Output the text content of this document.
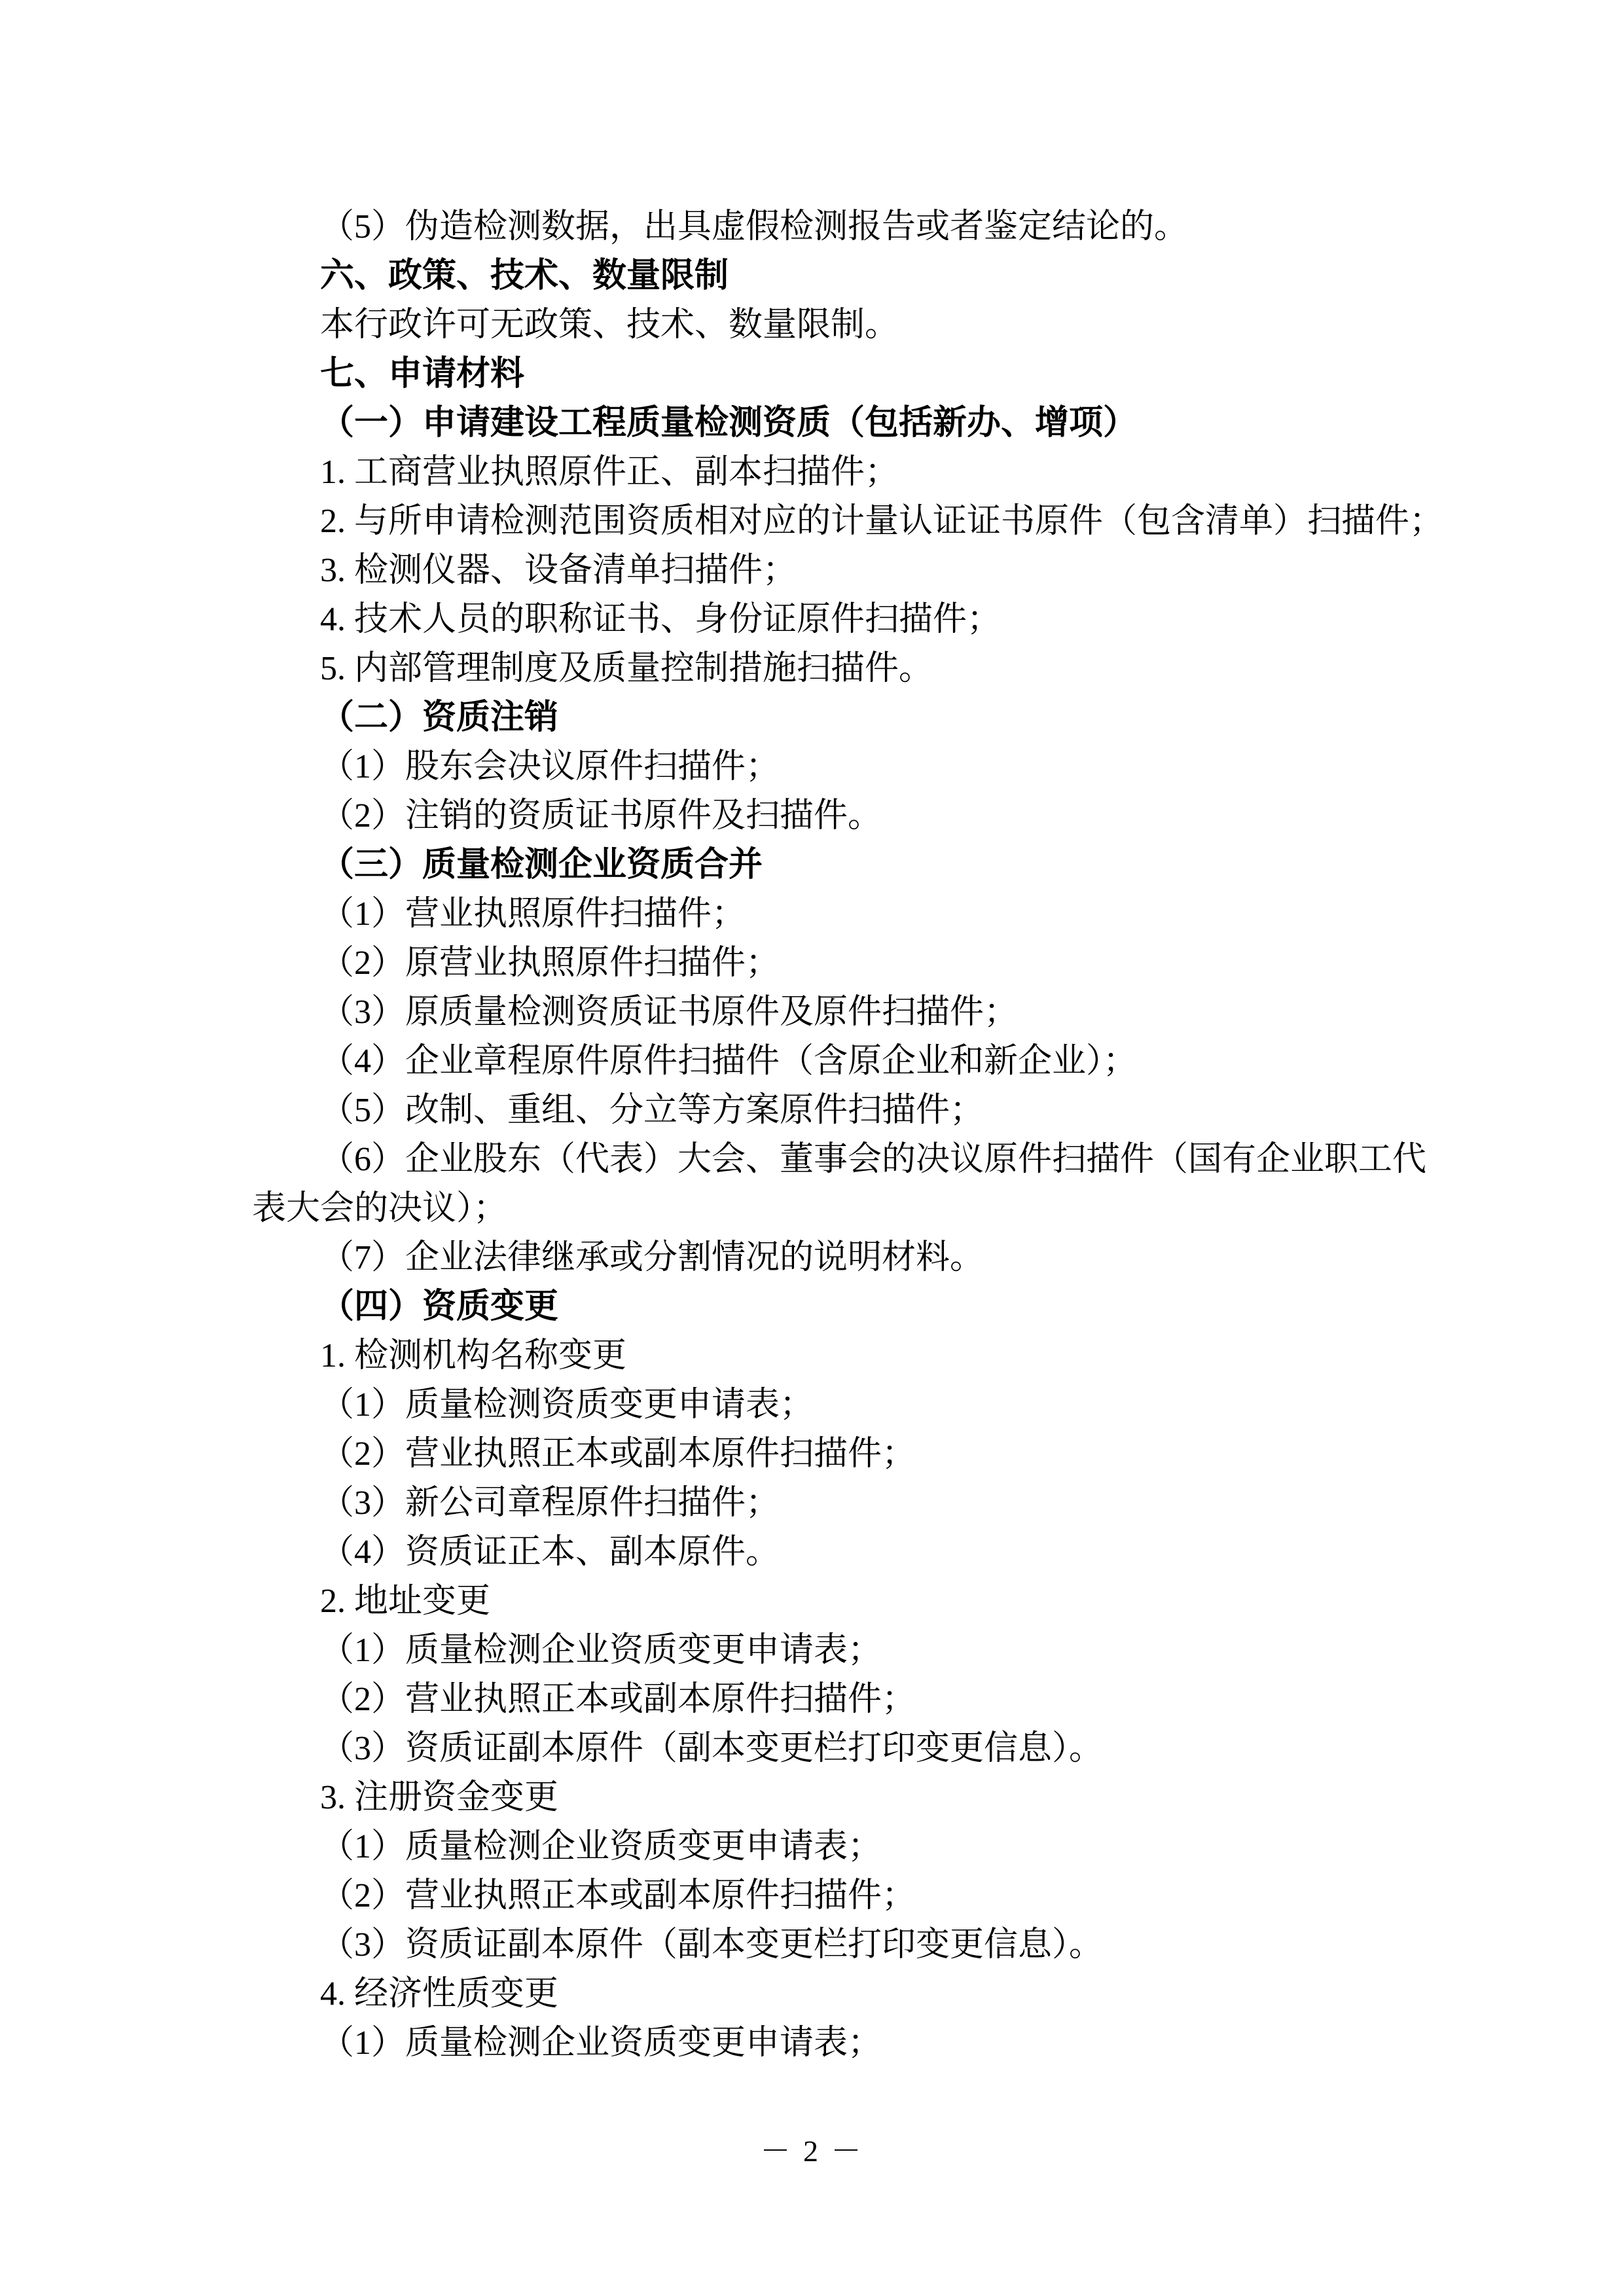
（5）伪造检测数据，出具虚假检测报告或者鉴定结论的。

六、政策、技术、数量限制

本行政许可无政策、技术、数量限制。

七、申请材料

（一）申请建设工程质量检测资质（包括新办、增项）

1. 工商营业执照原件正、副本扫描件；

2. 与所申请检测范围资质相对应的计量认证证书原件（包含清单）扫描件；

3. 检测仪器、设备清单扫描件；

4. 技术人员的职称证书、身份证原件扫描件；

5. 内部管理制度及质量控制措施扫描件。

（二）资质注销

（1）股东会决议原件扫描件；

（2）注销的资质证书原件及扫描件。

（三）质量检测企业资质合并

（1）营业执照原件扫描件；

（2）原营业执照原件扫描件；

（3）原质量检测资质证书原件及原件扫描件；

（4）企业章程原件原件扫描件（含原企业和新企业）；

（5）改制、重组、分立等方案原件扫描件；

（6）企业股东（代表）大会、董事会的决议原件扫描件（国有企业职工代

表大会的决议）；

（7）企业法律继承或分割情况的说明材料。

（四）资质变更

1. 检测机构名称变更

（1）质量检测资质变更申请表；

（2）营业执照正本或副本原件扫描件；

（3）新公司章程原件扫描件；

（4）资质证正本、副本原件。

2. 地址变更

（1）质量检测企业资质变更申请表；

（2）营业执照正本或副本原件扫描件；

（3）资质证副本原件（副本变更栏打印变更信息）。

3. 注册资金变更

（1）质量检测企业资质变更申请表；

（2）营业执照正本或副本原件扫描件；

（3）资质证副本原件（副本变更栏打印变更信息）。

4. 经济性质变更

（1）质量检测企业资质变更申请表；

－ 2 －
